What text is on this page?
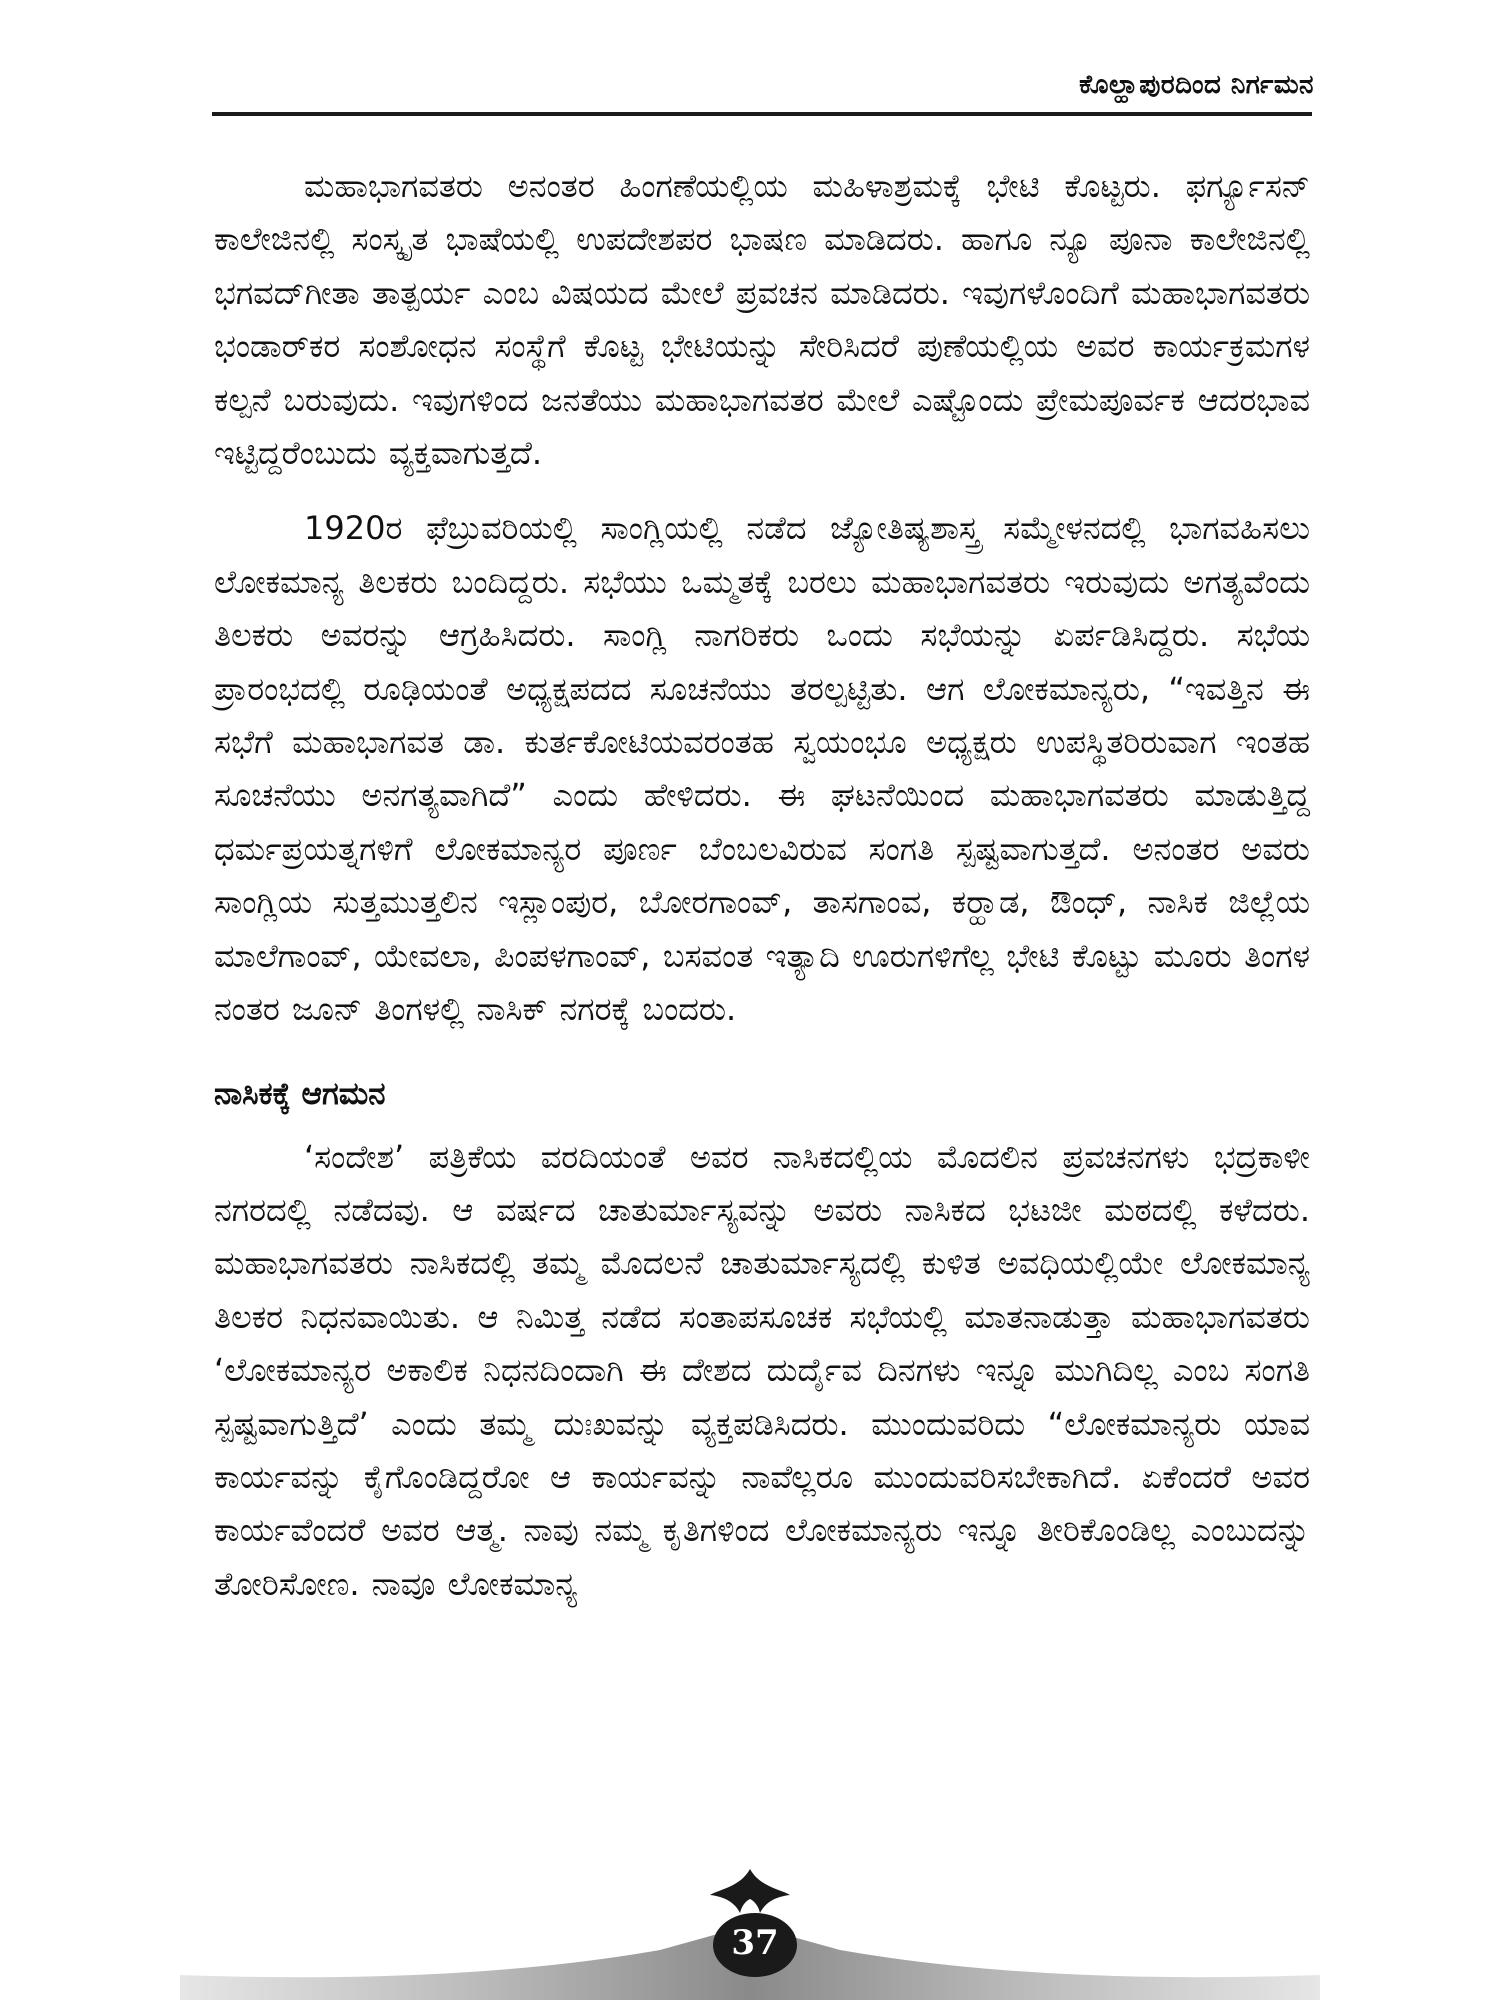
ಕೊಲ್ಹಾಪುರದಿಂದ ನಿರ್ಗಮನ

ಮಹಾಭಾಗವತರು ಅನಂತರ ಹಿಂಗಣೆಯಲ್ಲಿಯ ಮಹಿಳಾಶ್ರಮಕ್ಕೆ ಭೇಟಿ ಕೊಟ್ಟರು. ಫರ್ಗ್ಯೂಸನ್ ಕಾಲೇಜಿನಲ್ಲಿ ಸಂಸ್ಕೃತ ಭಾಷೆಯಲ್ಲಿ ಉಪದೇಶಪರ ಭಾಷಣ ಮಾಡಿದರು. ಹಾಗೂ ನ್ಯೂ ಪೂನಾ ಕಾಲೇಜಿನಲ್ಲಿ ಭಗವದ್‌ಗೀತಾ ತಾತ್ಪರ್ಯ ಎಂಬ ವಿಷಯದ ಮೇಲೆ ಪ್ರವಚನ ಮಾಡಿದರು. ಇವುಗಳೊಂದಿಗೆ ಮಹಾಭಾಗವತರು ಭಂಡಾರ್‌ಕರ ಸಂಶೋಧನ ಸಂಸ್ಥೆಗೆ ಕೊಟ್ಟ ಭೇಟಿಯನ್ನು ಸೇರಿಸಿದರೆ ಪುಣೆಯಲ್ಲಿಯ ಅವರ ಕಾರ್ಯಕ್ರಮಗಳ ಕಲ್ಪನೆ ಬರುವುದು. ಇವುಗಳಿಂದ ಜನತೆಯು ಮಹಾಭಾಗವತರ ಮೇಲೆ ಎಷ್ಟೊಂದು ಪ್ರೇಮಪೂರ್ವಕ ಆದರಭಾವ ಇಟ್ಟಿದ್ದರೆಂಬುದು ವ್ಯಕ್ತವಾಗುತ್ತದೆ.

1920ರ ಫೆಬ್ರುವರಿಯಲ್ಲಿ ಸಾಂಗ್ಲಿಯಲ್ಲಿ ನಡೆದ ಜ್ಯೋತಿಷ್ಯಶಾಸ್ತ್ರ ಸಮ್ಮೇಳನದಲ್ಲಿ ಭಾಗವಹಿಸಲು ಲೋಕಮಾನ್ಯ ತಿಲಕರು ಬಂದಿದ್ದರು. ಸಭೆಯು ಒಮ್ಮತಕ್ಕೆ ಬರಲು ಮಹಾಭಾಗವತರು ಇರುವುದು ಅಗತ್ಯವೆಂದು ತಿಲಕರು ಅವರನ್ನು ಆಗ್ರಹಿಸಿದರು. ಸಾಂಗ್ಲಿ ನಾಗರಿಕರು ಒಂದು ಸಭೆಯನ್ನು ಏರ್ಪಡಿಸಿದ್ದರು. ಸಭೆಯ ಪ್ರಾರಂಭದಲ್ಲಿ ರೂಢಿಯಂತೆ ಅಧ್ಯಕ್ಷಪದದ ಸೂಚನೆಯು ತರಲ್ಪಟ್ಟಿತು. ಆಗ ಲೋಕಮಾನ್ಯರು, “ಇವತ್ತಿನ ಈ ಸಭೆಗೆ ಮಹಾಭಾಗವತ ಡಾ. ಕುರ್ತಕೋಟಿಯವರಂತಹ ಸ್ವಯಂಭೂ ಅಧ್ಯಕ್ಷರು ಉಪಸ್ಥಿತರಿರುವಾಗ ಇಂತಹ ಸೂಚನೆಯು ಅನಗತ್ಯವಾಗಿದೆ” ಎಂದು ಹೇಳಿದರು. ಈ ಘಟನೆಯಿಂದ ಮಹಾಭಾಗವತರು ಮಾಡುತ್ತಿದ್ದ ಧರ್ಮಪ್ರಯತ್ನಗಳಿಗೆ ಲೋಕಮಾನ್ಯರ ಪೂರ್ಣ ಬೆಂಬಲವಿರುವ ಸಂಗತಿ ಸ್ಪಷ್ಟವಾಗುತ್ತದೆ. ಅನಂತರ ಅವರು ಸಾಂಗ್ಲಿಯ ಸುತ್ತಮುತ್ತಲಿನ ಇಸ್ಲಾಂಪುರ, ಬೋರಗಾಂವ್, ತಾಸಗಾಂವ, ಕರ್‍ಹಾಡ, ಔಂಧ್, ನಾಸಿಕ ಜಿಲ್ಲೆಯ ಮಾಲೆಗಾಂವ್, ಯೇವಲಾ, ಪಿಂಪಳಗಾಂವ್, ಬಸವಂತ ಇತ್ಯಾದಿ ಊರುಗಳಿಗೆಲ್ಲ ಭೇಟಿ ಕೊಟ್ಟು ಮೂರು ತಿಂಗಳ ನಂತರ ಜೂನ್ ತಿಂಗಳಲ್ಲಿ ನಾಸಿಕ್ ನಗರಕ್ಕೆ ಬಂದರು.

ನಾಸಿಕಕ್ಕೆ ಆಗಮನ

‘ಸಂದೇಶ’ ಪತ್ರಿಕೆಯ ವರದಿಯಂತೆ ಅವರ ನಾಸಿಕದಲ್ಲಿಯ ಮೊದಲಿನ ಪ್ರವಚನಗಳು ಭದ್ರಕಾಳೀ ನಗರದಲ್ಲಿ ನಡೆದವು. ಆ ವರ್ಷದ ಚಾತುರ್ಮಾಸ್ಯವನ್ನು ಅವರು ನಾಸಿಕದ ಭಟಜೀ ಮಠದಲ್ಲಿ ಕಳೆದರು. ಮಹಾಭಾಗವತರು ನಾಸಿಕದಲ್ಲಿ ತಮ್ಮ ಮೊದಲನೆ ಚಾತುರ್ಮಾಸ್ಯದಲ್ಲಿ ಕುಳಿತ ಅವಧಿಯಲ್ಲಿಯೇ ಲೋಕಮಾನ್ಯ ತಿಲಕರ ನಿಧನವಾಯಿತು. ಆ ನಿಮಿತ್ತ ನಡೆದ ಸಂತಾಪಸೂಚಕ ಸಭೆಯಲ್ಲಿ ಮಾತನಾಡುತ್ತಾ ಮಹಾಭಾಗವತರು ‘ಲೋಕಮಾನ್ಯರ ಅಕಾಲಿಕ ನಿಧನದಿಂದಾಗಿ ಈ ದೇಶದ ದುರ್ದೈವ ದಿನಗಳು ಇನ್ನೂ ಮುಗಿದಿಲ್ಲ ಎಂಬ ಸಂಗತಿ ಸ್ಪಷ್ಟವಾಗುತ್ತಿದೆ’ ಎಂದು ತಮ್ಮ ದುಃಖವನ್ನು ವ್ಯಕ್ತಪಡಿಸಿದರು. ಮುಂದುವರಿದು “ಲೋಕಮಾನ್ಯರು ಯಾವ ಕಾರ್ಯವನ್ನು ಕೈಗೊಂಡಿದ್ದರೋ ಆ ಕಾರ್ಯವನ್ನು ನಾವೆಲ್ಲರೂ ಮುಂದುವರಿಸಬೇಕಾಗಿದೆ. ಏಕೆಂದರೆ ಅವರ ಕಾರ್ಯವೆಂದರೆ ಅವರ ಆತ್ಮ. ನಾವು ನಮ್ಮ ಕೃತಿಗಳಿಂದ ಲೋಕಮಾನ್ಯರು ಇನ್ನೂ ತೀರಿಕೊಂಡಿಲ್ಲ ಎಂಬುದನ್ನು ತೋರಿಸೋಣ. ನಾವೂ ಲೋಕಮಾನ್ಯ

37
